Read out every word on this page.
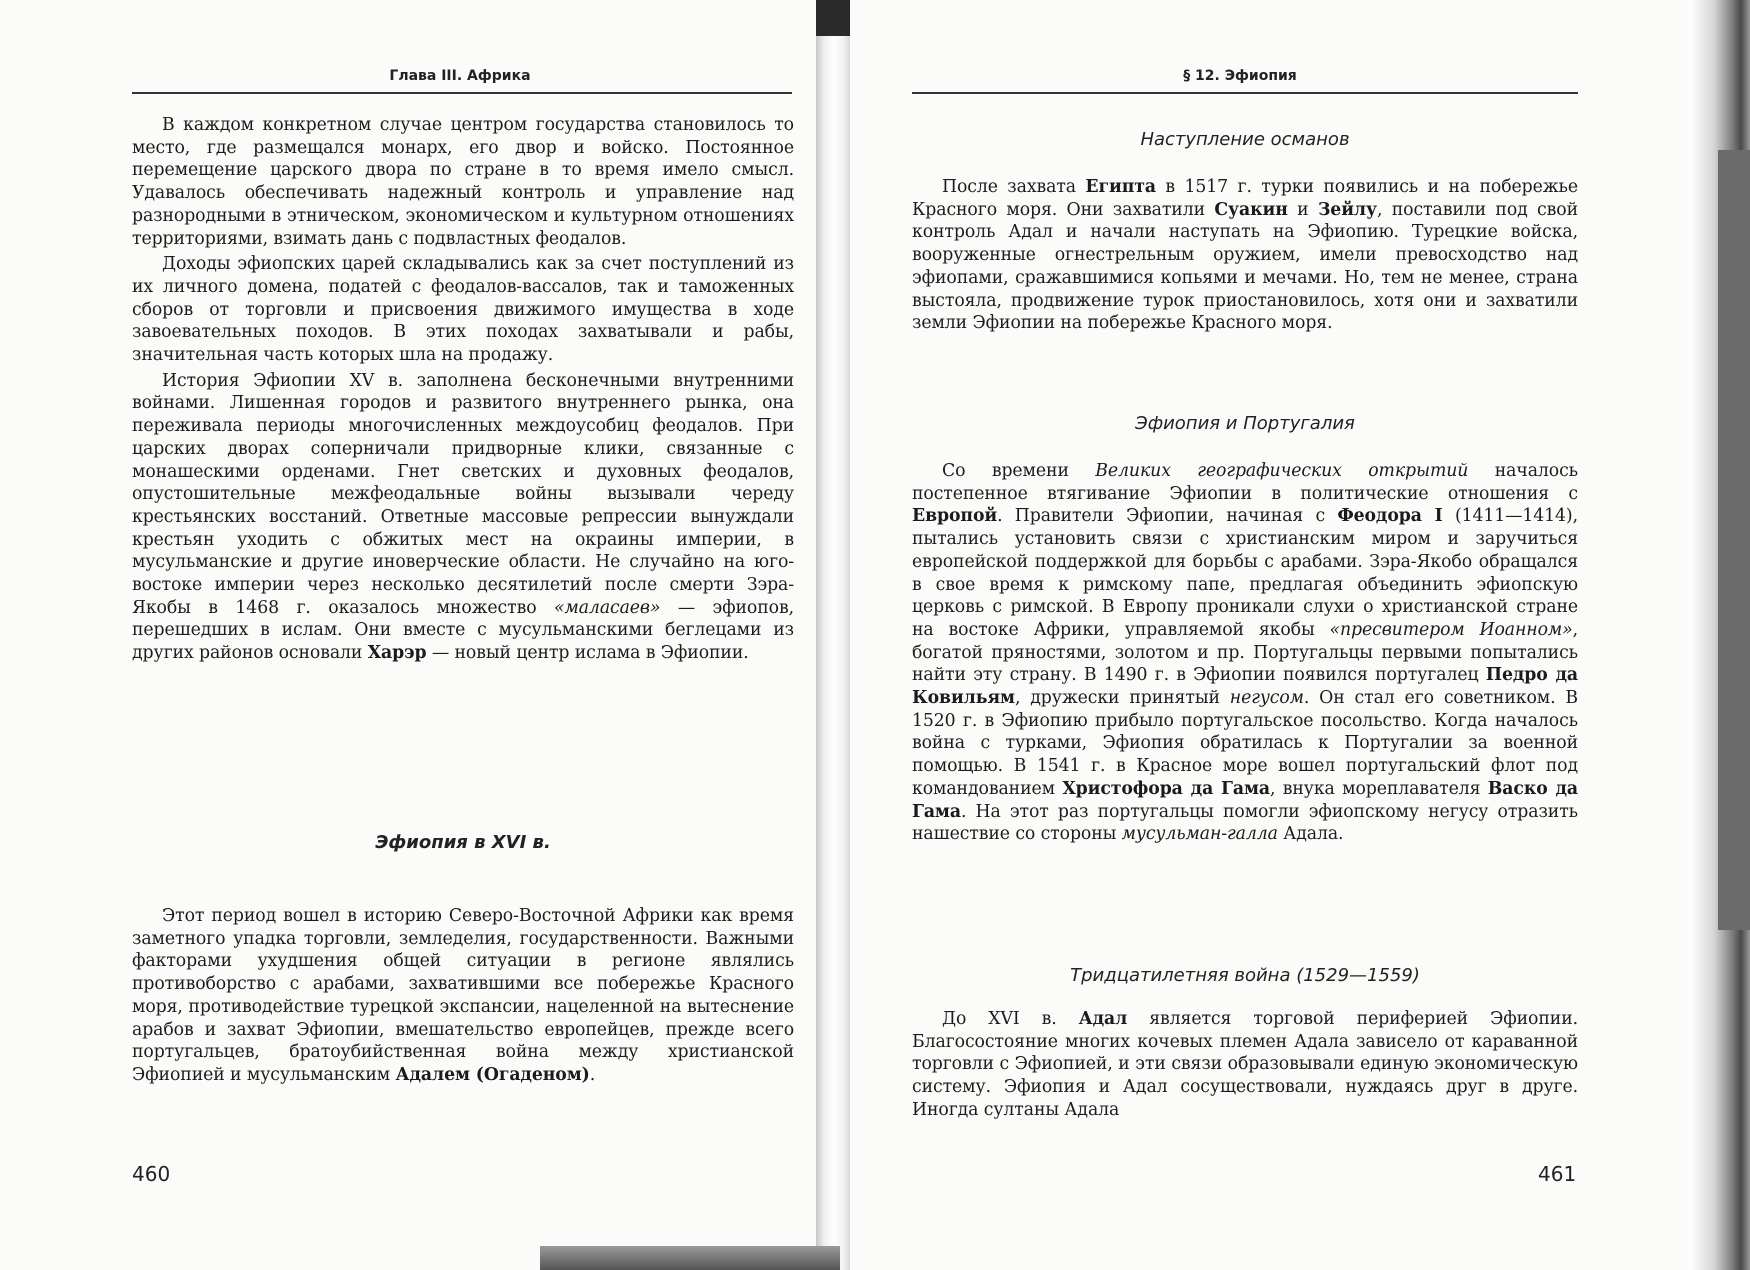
Глава III. Африка

В каждом конкретном случае центром государства становилось то место, где размещался монарх, его двор и войско. Постоянное перемещение царского двора по стране в то время имело смысл. Удавалось обеспечивать надежный контроль и управление над разнородными в этническом, экономическом и культурном отношениях территориями, взимать дань с подвластных феодалов.

Доходы эфиопских царей складывались как за счет поступлений из их личного домена, податей с феодалов-вассалов, так и таможенных сборов от торговли и присвоения движимого имущества в ходе завоевательных походов. В этих походах захватывали и рабы, значительная часть которых шла на продажу.

История Эфиопии XV в. заполнена бесконечными внутренними войнами. Лишенная городов и развитого внутреннего рынка, она переживала периоды многочисленных междоусобиц феодалов. При царских дворах соперничали придворные клики, связанные с монашескими орденами. Гнет светских и духовных феодалов, опустошительные межфеодальные войны вызывали череду крестьянских восстаний. Ответные массовые репрессии вынуждали крестьян уходить с обжитых мест на окраины империи, в мусульманские и другие иноверческие области. Не случайно на юго-востоке империи через несколько десятилетий после смерти Зэра-Якобы в 1468 г. оказалось множество «маласаев» — эфиопов, перешедших в ислам. Они вместе с мусульманскими беглецами из других районов основали Харэр — новый центр ислама в Эфиопии.

Эфиопия в XVI в.

Этот период вошел в историю Северо-Восточной Африки как время заметного упадка торговли, земледелия, государственности. Важными факторами ухудшения общей ситуации в регионе являлись противоборство с арабами, захватившими все побережье Красного моря, противодействие турецкой экспансии, нацеленной на вытеснение арабов и захват Эфиопии, вмешательство европейцев, прежде всего португальцев, братоубийственная война между христианской Эфиопией и мусульманским Адалем (Огаденом).

460
§ 12. Эфиопия
Наступление османов

После захвата Египта в 1517 г. турки появились и на побережье Красного моря. Они захватили Суакин и Зейлу, поставили под свой контроль Адал и начали наступать на Эфиопию. Турецкие войска, вооруженные огнестрельным оружием, имели превосходство над эфиопами, сражавшимися копьями и мечами. Но, тем не менее, страна выстояла, продвижение турок приостановилось, хотя они и захватили земли Эфиопии на побережье Красного моря.

Эфиопия и Португалия

Со времени Великих географических открытий началось постепенное втягивание Эфиопии в политические отношения с Европой. Правители Эфиопии, начиная с Феодора I (1411—1414), пытались установить связи с христианским миром и заручиться европейской поддержкой для борьбы с арабами. Зэра-Якобо обращался в свое время к римскому папе, предлагая объединить эфиопскую церковь с римской. В Европу проникали слухи о христианской стране на востоке Африки, управляемой якобы «пресвитером Иоанном», богатой пряностями, золотом и пр. Португальцы первыми попытались найти эту страну. В 1490 г. в Эфиопии появился португалец Педро да Ковильям, дружески принятый негусом. Он стал его советником. В 1520 г. в Эфиопию прибыло португальское посольство. Когда началось война с турками, Эфиопия обратилась к Португалии за военной помощью. В 1541 г. в Красное море вошел португальский флот под командованием Христофора да Гама, внука мореплавателя Васко да Гама. На этот раз португальцы помогли эфиопскому негусу отразить нашествие со стороны мусульман-галла Адала.

Тридцатилетняя война (1529—1559)

До XVI в. Адал является торговой периферией Эфиопии. Благосостояние многих кочевых племен Адала зависело от караванной торговли с Эфиопией, и эти связи образовывали единую экономическую систему. Эфиопия и Адал сосуществовали, нуждаясь друг в друге. Иногда султаны Адала

461
